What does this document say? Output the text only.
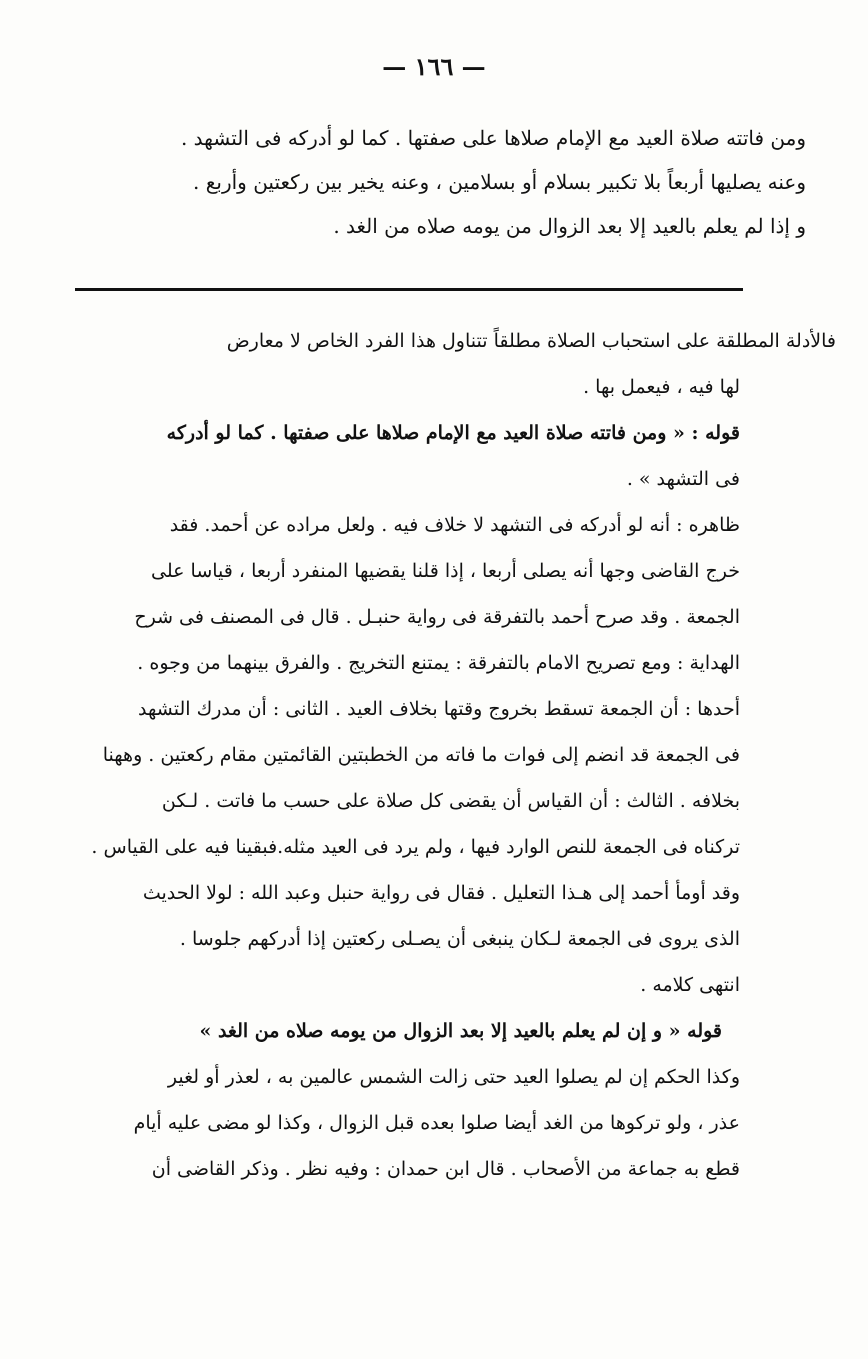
— ١٦٦ —
ومن فاتته صلاة العيد مع الإمام صلاها على صفتها . كما لو أدركه فى التشهد .
وعنه يصليها أربعاً بلا تكبير بسلام أو بسلامين ، وعنه يخير بين ركعتين وأربع .
و إذا لم يعلم بالعيد إلا بعد الزوال من يومه صلاه من الغد .
فالأدلة المطلقة على استحباب الصلاة مطلقاً تتناول هذا الفرد الخاص لا معارض
لها فيه ، فيعمل بها .
قوله : « ومن فاتته صلاة العيد مع الإمام صلاها على صفتها . كما لو أدركه
فى التشهد » .
ظاهره : أنه لو أدركه فى التشهد لا خلاف فيه . ولعل مراده عن أحمد. فقد
خرج القاضى وجها أنه يصلى أربعا ، إذا قلنا يقضيها المنفرد أربعا ، قياسا على
الجمعة . وقد صرح أحمد بالتفرقة فى رواية حنبـل . قال فى المصنف فى شرح
الهداية : ومع تصريح الامام بالتفرقة : يمتنع التخريج . والفرق بينهما من وجوه .
أحدها : أن الجمعة تسقط بخروج وقتها بخلاف العيد . الثانى : أن مدرك التشهد
فى الجمعة قد انضم إلى فوات ما فاته من الخطبتين القائمتين مقام ركعتين . وههنا
بخلافه . الثالث : أن القياس أن يقضى كل صلاة على حسب ما فاتت . لـكن
تركناه فى الجمعة للنص الوارد فيها ، ولم يرد فى العيد مثله.فبقينا فيه على القياس .
وقد أومأ أحمد إلى هـذا التعليل . فقال فى رواية حنبل وعبد الله : لولا الحديث
الذى يروى فى الجمعة لـكان ينبغى أن يصـلى ركعتين إذا أدركهم جلوسا .
انتهى كلامه .
قوله « و إن لم يعلم بالعيد إلا بعد الزوال من يومه صلاه من الغد »
وكذا الحكم إن لم يصلوا العيد حتى زالت الشمس عالمين به ، لعذر أو لغير
عذر ، ولو تركوها من الغد أيضا صلوا بعده قبل الزوال ، وكذا لو مضى عليه أيام
قطع به جماعة من الأصحاب . قال ابن حمدان : وفيه نظر . وذكر القاضى أن
